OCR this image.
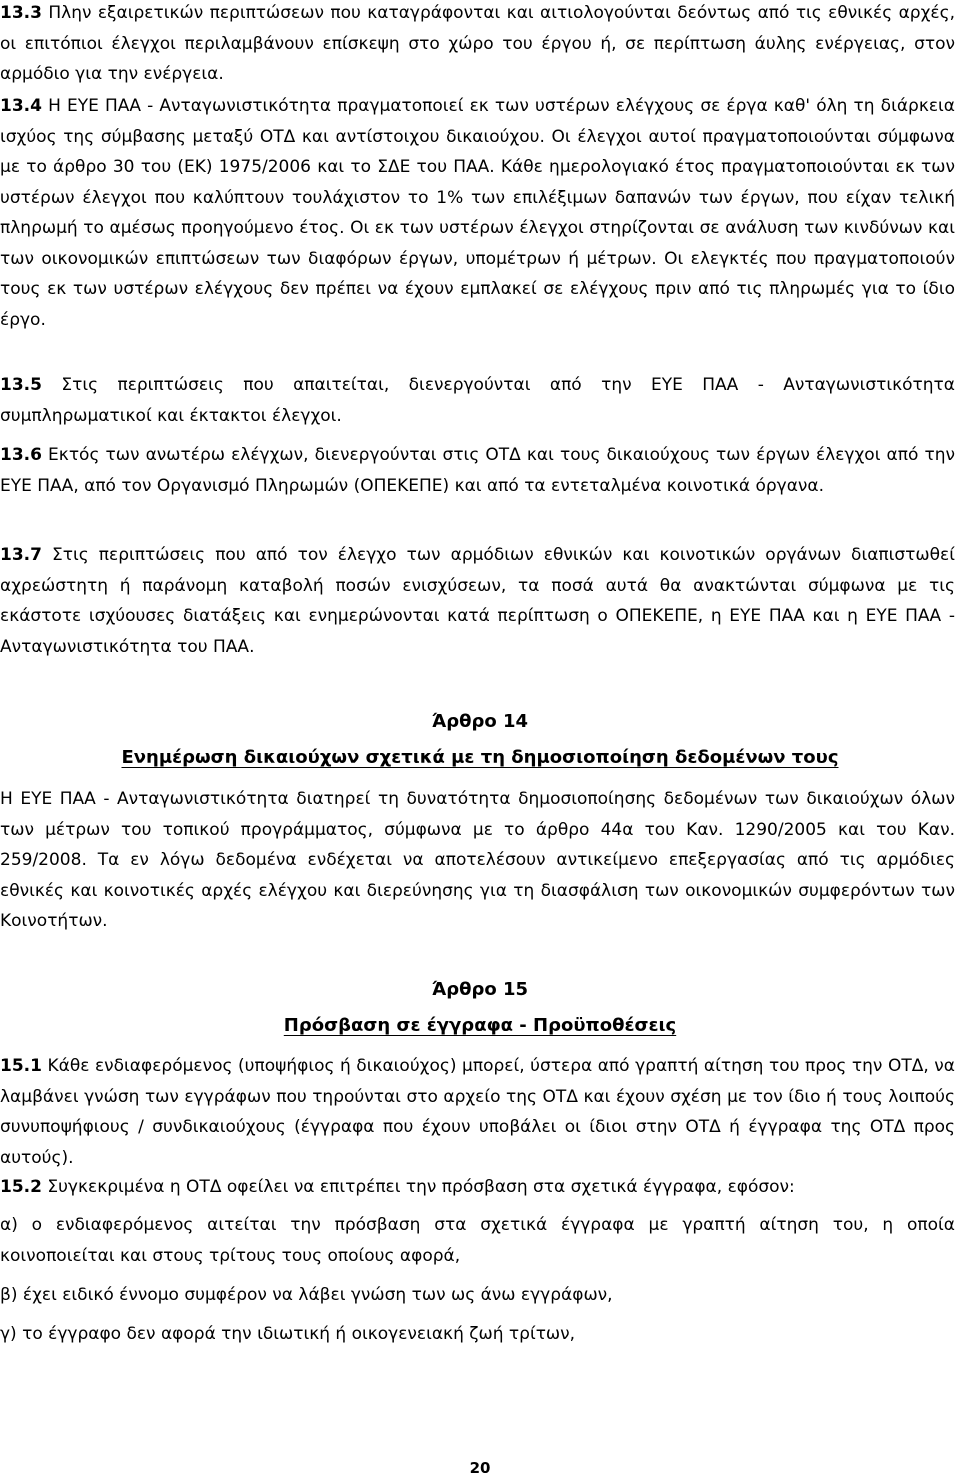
13.3 Πλην εξαιρετικών περιπτώσεων που καταγράφονται και αιτιολογούνται δεόντως από τις εθνικές αρχές, οι επιτόπιοι έλεγχοι περιλαμβάνουν επίσκεψη στο χώρο του έργου ή, σε περίπτωση άυλης ενέργειας, στον αρμόδιο για την ενέργεια.

13.4 Η ΕΥΕ ΠΑΑ - Ανταγωνιστικότητα πραγματοποιεί εκ των υστέρων ελέγχους σε έργα καθ' όλη τη διάρκεια ισχύος της σύμβασης μεταξύ ΟΤΔ και αντίστοιχου δικαιούχου. Οι έλεγχοι αυτοί πραγματοποιούνται σύμφωνα με το άρθρο 30 του (ΕΚ) 1975/2006 και το ΣΔΕ του ΠΑΑ. Κάθε ημερολογιακό έτος πραγματοποιούνται εκ των υστέρων έλεγχοι που καλύπτουν τουλάχιστον το 1% των επιλέξιμων δαπανών των έργων, που είχαν τελική πληρωμή το αμέσως προηγούμενο έτος. Οι εκ των υστέρων έλεγχοι στηρίζονται σε ανάλυση των κινδύνων και των οικονομικών επιπτώσεων των διαφόρων έργων, υπομέτρων ή μέτρων. Οι ελεγκτές που πραγματοποιούν τους εκ των υστέρων ελέγχους δεν πρέπει να έχουν εμπλακεί σε ελέγχους πριν από τις πληρωμές για το ίδιο έργο.

13.5 Στις περιπτώσεις που απαιτείται, διενεργούνται από την ΕΥΕ ΠΑΑ - Ανταγωνιστικότητα συμπληρωματικοί και έκτακτοι έλεγχοι.

13.6 Εκτός των ανωτέρω ελέγχων, διενεργούνται στις ΟΤΔ και τους δικαιούχους των έργων έλεγχοι από την ΕΥΕ ΠΑΑ, από τον Οργανισμό Πληρωμών (ΟΠΕΚΕΠΕ) και από τα εντεταλμένα κοινοτικά όργανα.

13.7 Στις περιπτώσεις που από τον έλεγχο των αρμόδιων εθνικών και κοινοτικών οργάνων διαπιστωθεί αχρεώστητη ή παράνομη καταβολή ποσών ενισχύσεων, τα ποσά αυτά θα ανακτώνται σύμφωνα με τις εκάστοτε ισχύουσες διατάξεις και ενημερώνονται κατά περίπτωση ο ΟΠΕΚΕΠΕ, η ΕΥΕ ΠΑΑ και η ΕΥΕ ΠΑΑ - Ανταγωνιστικότητα του ΠΑΑ.

Άρθρο 14

Ενημέρωση δικαιούχων σχετικά με τη δημοσιοποίηση δεδομένων τους

Η ΕΥΕ ΠΑΑ - Ανταγωνιστικότητα διατηρεί τη δυνατότητα δημοσιοποίησης δεδομένων των δικαιούχων όλων των μέτρων του τοπικού προγράμματος, σύμφωνα με το άρθρο 44α του Καν. 1290/2005 και του Καν. 259/2008. Τα εν λόγω δεδομένα ενδέχεται να αποτελέσουν αντικείμενο επεξεργασίας από τις αρμόδιες εθνικές και κοινοτικές αρχές ελέγχου και διερεύνησης για τη διασφάλιση των οικονομικών συμφερόντων των Κοινοτήτων.

Άρθρο 15

Πρόσβαση σε έγγραφα - Προϋποθέσεις

15.1 Κάθε ενδιαφερόμενος (υποψήφιος ή δικαιούχος) μπορεί, ύστερα από γραπτή αίτηση του προς την ΟΤΔ, να λαμβάνει γνώση των εγγράφων που τηρούνται στο αρχείο της ΟΤΔ και έχουν σχέση με τον ίδιο ή τους λοιπούς συνυποψήφιους / συνδικαιούχους (έγγραφα που έχουν υποβάλει οι ίδιοι στην ΟΤΔ ή έγγραφα της ΟΤΔ προς αυτούς).

15.2 Συγκεκριμένα η ΟΤΔ οφείλει να επιτρέπει την πρόσβαση στα σχετικά έγγραφα, εφόσον:

α) ο ενδιαφερόμενος αιτείται την πρόσβαση στα σχετικά έγγραφα με γραπτή αίτηση του, η οποία κοινοποιείται και στους τρίτους τους οποίους αφορά,

β) έχει ειδικό έννομο συμφέρον να λάβει γνώση των ως άνω εγγράφων,

γ) το έγγραφο δεν αφορά την ιδιωτική ή οικογενειακή ζωή τρίτων,

20
